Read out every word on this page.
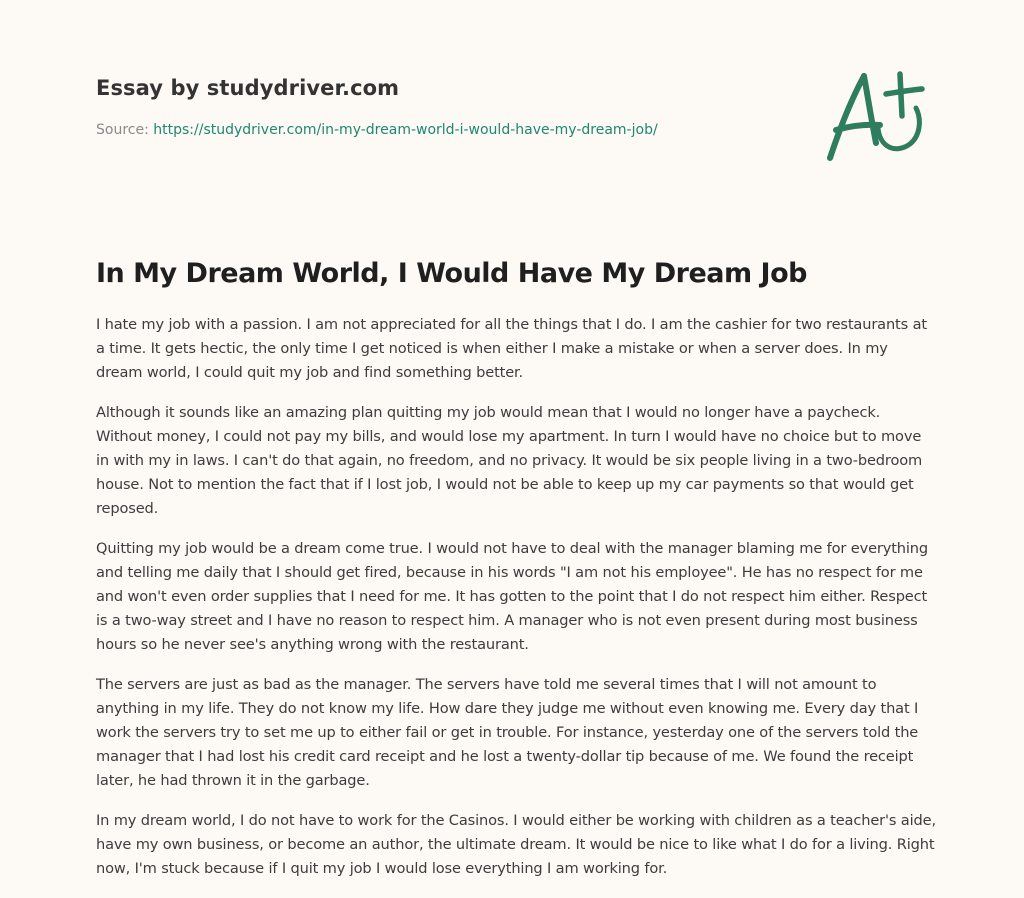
Essay by studydriver.com
Source: https://studydriver.com/in-my-dream-world-i-would-have-my-dream-job/
In My Dream World, I Would Have My Dream Job

I hate my job with a passion. I am not appreciated for all the things that I do. I am the cashier for two restaurants at a time. It gets hectic, the only time I get noticed is when either I make a mistake or when a server does. In my dream world, I could quit my job and find something better.

Although it sounds like an amazing plan quitting my job would mean that I would no longer have a paycheck. Without money, I could not pay my bills, and would lose my apartment. In turn I would have no choice but to move in with my in laws. I can't do that again, no freedom, and no privacy. It would be six people living in a two-bedroom house. Not to mention the fact that if I lost job, I would not be able to keep up my car payments so that would get reposed.

Quitting my job would be a dream come true. I would not have to deal with the manager blaming me for everything and telling me daily that I should get fired, because in his words "I am not his employee". He has no respect for me and won't even order supplies that I need for me. It has gotten to the point that I do not respect him either. Respect is a two-way street and I have no reason to respect him. A manager who is not even present during most business hours so he never see's anything wrong with the restaurant.

The servers are just as bad as the manager. The servers have told me several times that I will not amount to anything in my life. They do not know my life. How dare they judge me without even knowing me. Every day that I work the servers try to set me up to either fail or get in trouble. For instance, yesterday one of the servers told the manager that I had lost his credit card receipt and he lost a twenty-dollar tip because of me. We found the receipt later, he had thrown it in the garbage.

In my dream world, I do not have to work for the Casinos. I would either be working with children as a teacher's aide, have my own business, or become an author, the ultimate dream. It would be nice to like what I do for a living. Right now, I'm stuck because if I quit my job I would lose everything I am working for.
